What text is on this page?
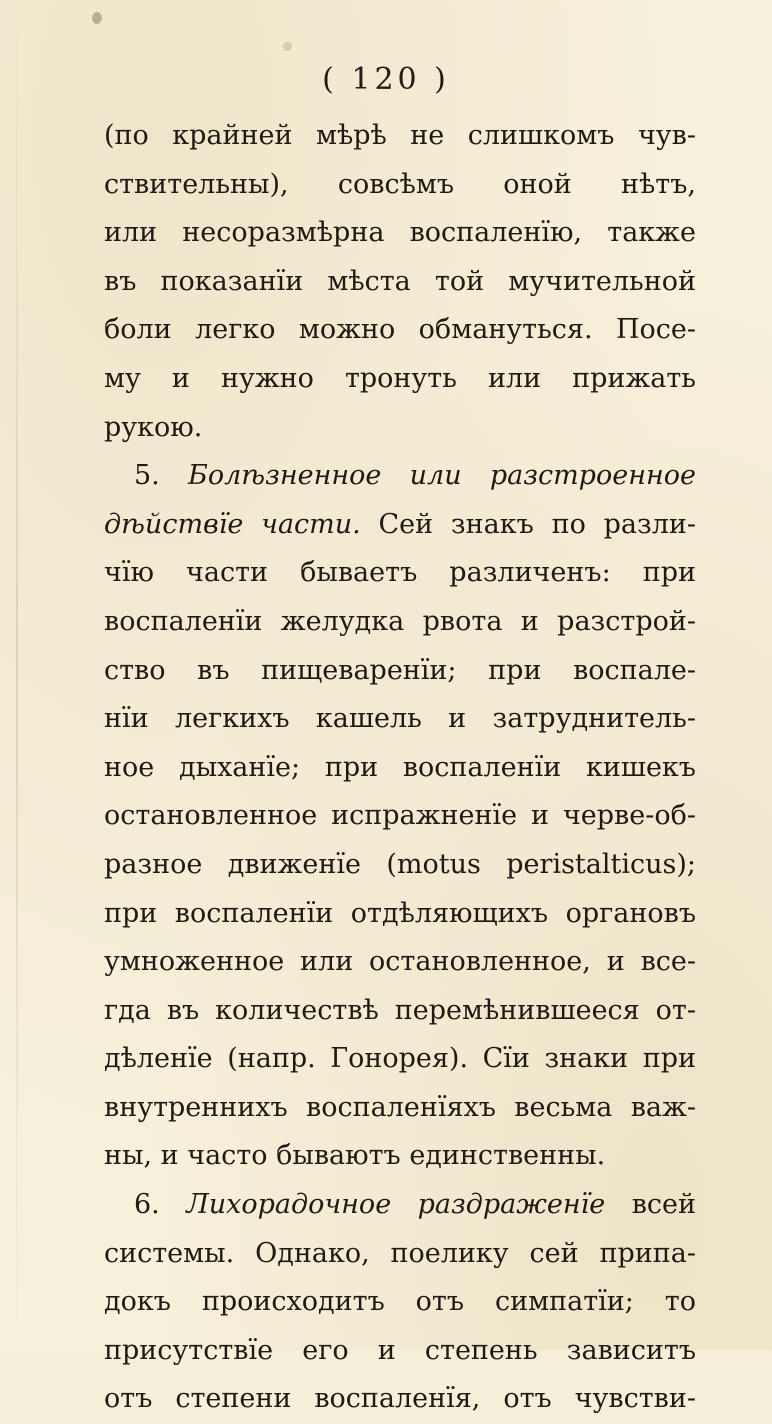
( 120 )
(по крайней мѣрѣ не слишкомъ чув-
ствительны), совсѣмъ оной нѣтъ,
или несоразмѣрна воспаленїю, также
въ показанїи мѣста той мучительной
боли легко можно обмануться. Посе-
му и нужно тронуть или прижать
рукою.
5. Болѣзненное или разстроенное
дѣйствїе части. Сей знакъ по разли-
чїю части бываетъ различенъ: при
воспаленїи желудка рвота и разстрой-
ство въ пищеваренїи; при воспале-
нїи легкихъ кашель и затруднитель-
ное дыханїе; при воспаленїи кишекъ
остановленное испражненїе и черве-об-
разное движенїе (motus peristalticus);
при воспаленїи отдѣляющихъ органовъ
умноженное или остановленное, и все-
гда въ количествѣ перемѣнившееся от-
дѣленїе (напр. Гонорея). Сїи знаки при
внутреннихъ воспаленїяхъ весьма важ-
ны, и часто бываютъ единственны.
6. Лихорадочное раздраженїе всей
системы. Однако, поелику сей припа-
докъ происходитъ отъ симпатїи; то
присутствїе его и степень зависитъ
отъ степени воспаленїя, отъ чувстви-
